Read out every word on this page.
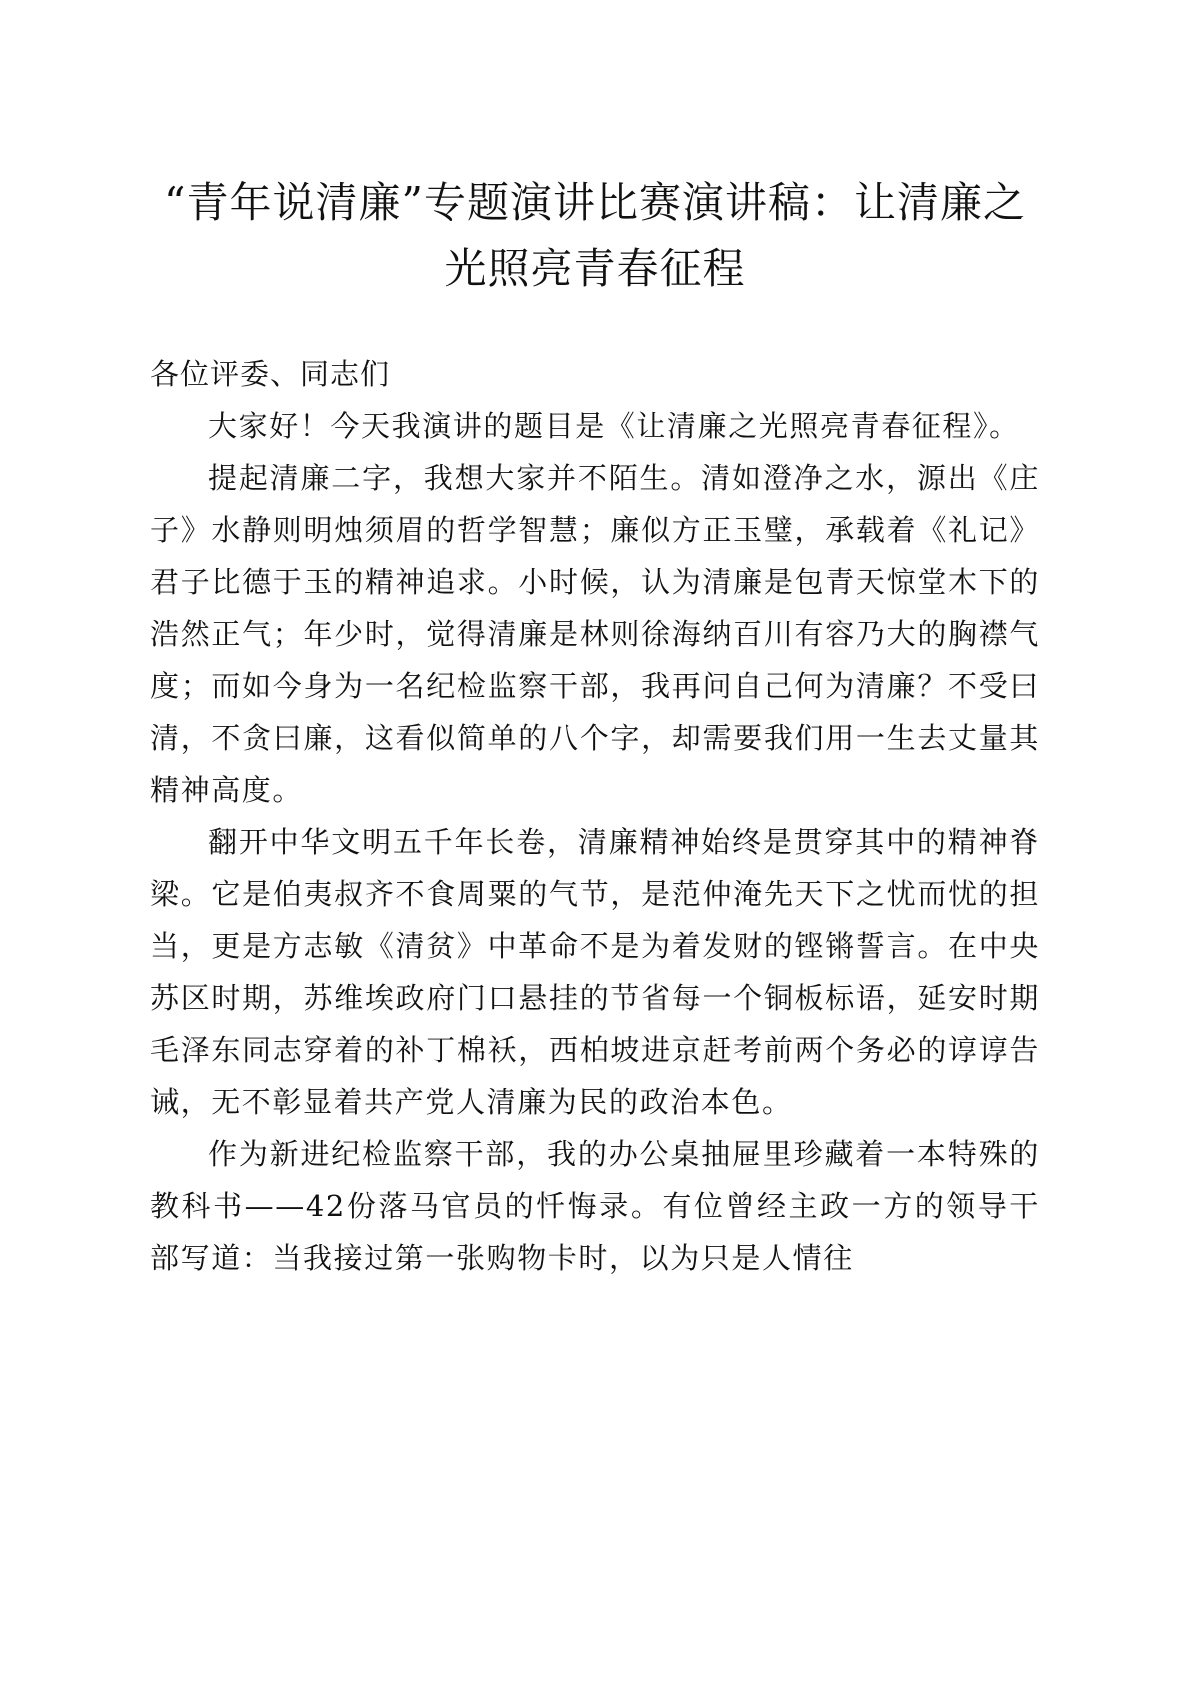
“青年说清廉”专题演讲比赛演讲稿：让清廉之光照亮青春征程

各位评委、同志们

大家好！今天我演讲的题目是《让清廉之光照亮青春征程》。

提起清廉二字，我想大家并不陌生。清如澄净之水，源出《庄子》水静则明烛须眉的哲学智慧；廉似方正玉璧，承载着《礼记》君子比德于玉的精神追求。小时候，认为清廉是包青天惊堂木下的浩然正气；年少时，觉得清廉是林则徐海纳百川有容乃大的胸襟气度；而如今身为一名纪检监察干部，我再问自己何为清廉？不受曰清，不贪曰廉，这看似简单的八个字，却需要我们用一生去丈量其精神高度。

翻开中华文明五千年长卷，清廉精神始终是贯穿其中的精神脊梁。它是伯夷叔齐不食周粟的气节，是范仲淹先天下之忧而忧的担当，更是方志敏《清贫》中革命不是为着发财的铿锵誓言。在中央苏区时期，苏维埃政府门口悬挂的节省每一个铜板标语，延安时期毛泽东同志穿着的补丁棉袄，西柏坡进京赶考前两个务必的谆谆告诫，无不彰显着共产党人清廉为民的政治本色。

作为新进纪检监察干部，我的办公桌抽屉里珍藏着一本特殊的教科书——42份落马官员的忏悔录。有位曾经主政一方的领导干部写道：当我接过第一张购物卡时，以为只是人情往
